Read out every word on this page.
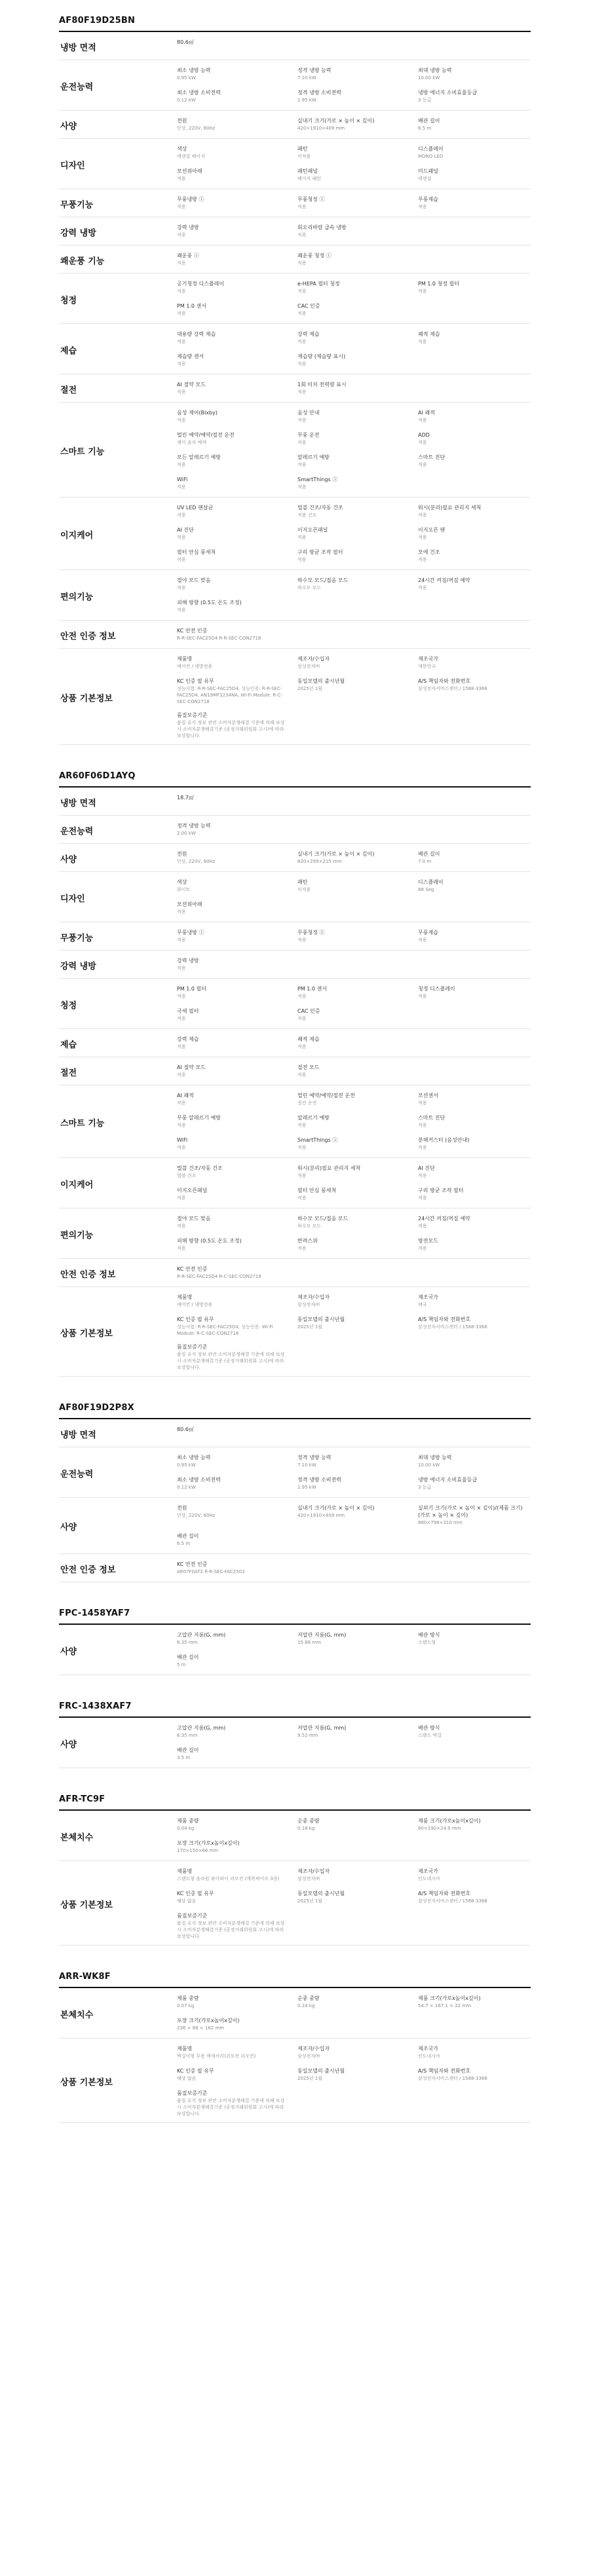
AF80F19D25BN
냉방 면적
80.6㎡
운전능력
최소 냉방 능력
0.95 kW
정격 냉방 능력
7.10 kW
최대 냉방 능력
10.00 kW
최소 냉방 소비전력
0.12 kW
정격 냉방 소비전력
1.95 kW
냉방 에너지 소비효율등급
3 등급
사양
전원
단상, 220V, 60Hz
실내기 크기(가로 × 높이 × 깊이)
420×1910×409 mm
배관 길이
6.5 m
디자인
색상
에센셜 베이지
패턴
미적용
디스플레이
MONO LED
모션위아래
적용
패턴패널
베이지 패턴
미드패널
에센셜
무풍기능
무풍냉방 ⓘ
적용
무풍청정 ⓘ
적용
무풍제습
적용
강력 냉방
강력 냉방
적용
회오리바람 급속 냉방
적용
쾌운풍 기능
쾌운풍 ⓘ
적용
쾌운풍 청정 ⓘ
적용
청정
공기청정 디스플레이
적용
e-HEPA 필터 청정
적용
PM 1.0 청정 필터
적용
PM 1.0 센서
적용
CAC 인증
적용
제습
대용량 강력 제습
적용
강력 제습
적용
쾌적 제습
적용
제습량 센서
적용
제습량 (제습량 표시)
적용
절전
AI 절약 모드
적용
1회 터치 전력량 표시
적용
스마트 기능
음성 제어(Bixby)
적용
음성 안내
적용
AI 쾌적
적용
멀린 예약/예약/절전 운전
제어 음식 예약
무풍 운전
적용
ADD
적용
모든 알레르기 예방
적용
알레르기 예방
적용
스마트 진단
적용
WiFi
적용
SmartThings ⓘ
적용
이지케어
UV LED 팬살균
적용
멀블 건조/자동 건조
적용 건조
워시(분리)필요 관리지 세척
적용
AI 진단
적용
이지오픈패널
적용
이지오픈 팬
적용
필터 안심 풍세척
적용
구리 방균 조작 필터
적용
모에 건조
적용
편의기능
절야 모드 맞음
적용
하수모 모드/접음 모드
하수모 모드
24시간 켜짐/꺼짐 예약
적용
피해 방향 (0.5도 온도 조정)
적용
안전 인증 정보
KC 안전 인증
R-R-SEC-FAC25D4 R-R-SEC-CON2718
상품 기본정보
제품명
에어컨 / 냉방전용
제조자/수입자
삼성전자㈜
제조국가
대한민국
KC 인증 필 유무
성능시험: R-R-SEC-FAC25D4, 성능인증: R-R-SEC-FAC25D4, AN19MF1234NA, Wi-Fi Module: R-C-SEC-CON2718
동일모델의 출시년월
2025년 1월
A/S 책임자와 전화번호
삼성전자서비스센터 / 1588-3366
품질보증기준
품질 유지 정보 관련 소비자분쟁해결 기준에 의해 보상 시 소비자분쟁해결기준 (공정거래위원회 고시)에 따라 보상합니다.
AR60F06D1AYQ
냉방 면적
18.7㎡
운전능력
정격 냉방 능력
2.00 kW
사양
전원
단상, 220V, 60Hz
실내기 크기(가로 × 높이 × 깊이)
820×299×215 mm
배관 길이
7.0 m
디자인
색상
화이트
패턴
미적용
디스플레이
88 Seg
모션위아래
적용
무풍기능
무풍냉방 ⓘ
적용
무풍청정 ⓘ
적용
무풍제습
적용
강력 냉방
강력 냉방
적용
청정
PM 1.0 필터
적용
PM 1.0 센서
적용
청정 디스플레이
적용
극세 필터
적용
CAC 인증
적용
제습
강력 제습
적용
쾌적 제습
적용
절전
AI 절약 모드
적용
절전 모드
적용
스마트 기능
AI 쾌적
적용
멀린 예약/예약/절전 운전
절전 운전
모션센서
적용
무풍 알레르기 예방
적용
알레르기 예방
적용
스마트 진단
적용
WiFi
적용
SmartThings ⓘ
적용
분해커스터 (음성안내)
적용
이지케어
멀블 건조/자동 건조
멀블 건조
워시(분리)필요 관리지 세척
적용
AI 진단
적용
이지오픈패널
적용
필터 안심 풍세척
적용
구리 방균 조작 필터
적용
편의기능
절야 모드 맞음
적용
하수모 모드/접음 모드
하수모 모드
24시간 켜짐/꺼짐 예약
적용
피해 방향 (0.5도 온도 조정)
적용
반려스위
적용
방전모드
적용
안전 인증 정보
KC 안전 인증
R-R-SEC-FAC25D4 R-C-SEC-CON2718
상품 기본정보
제품명
에어컨 / 냉방전용
제조자/수입자
삼성전자㈜
제조국가
태국
KC 인증 필 유무
성능시험: R-R-SEC-FAC25D4, 성능인증: Wi-Fi Module: R-C-SEC-CON2718
동일모델의 출시년월
2025년 1월
A/S 책임자와 전화번호
삼성전자서비스센터 / 1588-3366
품질보증기준
품질 유지 정보 관련 소비자분쟁해결 기준에 의해 보상 시 소비자분쟁해결기준 (공정거래위원회 고시)에 따라 보상합니다.
AF80F19D2P8X
냉방 면적
80.6㎡
운전능력
최소 냉방 능력
0.95 kW
정격 냉방 능력
7.10 kW
최대 냉방 능력
10.00 kW
최소 냉방 소비전력
0.12 kW
정격 냉방 소비전력
1.95 kW
냉방 에너지 소비효율등급
3 등급
사양
전원
단상, 220V, 60Hz
실내기 크기(가로 × 높이 × 깊이)
420×1910×409 mm
실외기 크기(가로 × 높이 × 깊이)/(제품 크기) (가로 × 높이 × 깊이)
880×798×310 mm
배관 길이
6.5 m
안전 인증 정보
KC 안전 인증
AR07F0AT2 R-R-SEC-FAC2503
FPC-1458YAF7
사양
고압관 지름(G, mm)
6.35 mm
저압관 지름(G, mm)
15.88 mm
배관 방식
스탠드형
배관 길이
5 m
FRC-1438XAF7
사양
고압관 지름(G, mm)
6.35 mm
저압관 지름(G, mm)
9.52 mm
배관 방식
스탠드 벽걸
배관 길이
3.5 m
AFR-TC9F
본체치수
제품 중량
0.04 kg
순중 중량
0.18 kg
제품 크기(가로x높이x깊이)
80×190×24.9 mm
포장 크기(가로x높이x깊이)
170×150×66 mm
상품 기본정보
제품명
스탠드형 솔라원 와이파이 리모컨 (에폭싸이프 3종)
제조자/수입자
삼성전자㈜
제조국가
인도네시아
KC 인증 필 유무
해당 없음
동일모델의 출시년월
2025년 1월
A/S 책임자와 전화번호
삼성전자서비스센터 / 1588-3366
품질보증기준
품질 유지 정보 관련 소비자분쟁해결 기준에 의해 보상 시 소비자분쟁해결기준 (공정거래위원회 고시)에 따라 보상합니다.
ARR-WK8F
본체치수
제품 중량
0.07 kg
순중 중량
0.24 kg
제품 크기(가로x높이x깊이)
54.7 × 167.1 × 22 mm
포장 크기(가로x높이x깊이)
236 × 88 × 162 mm
상품 기본정보
제품명
벽걸이형 무풍 액세서리(리모컨 리모컨)
제조자/수입자
삼성전자㈜
제조국가
인도네시아
KC 인증 필 유무
해당 없음
동일모델의 출시년월
2025년 1월
A/S 책임자와 전화번호
삼성전자서비스센터 / 1588-3366
품질보증기준
품질 유지 정보 관련 소비자분쟁해결 기준에 의해 보상 시 소비자분쟁해결기준 (공정거래위원회 고시)에 따라 보상합니다.
